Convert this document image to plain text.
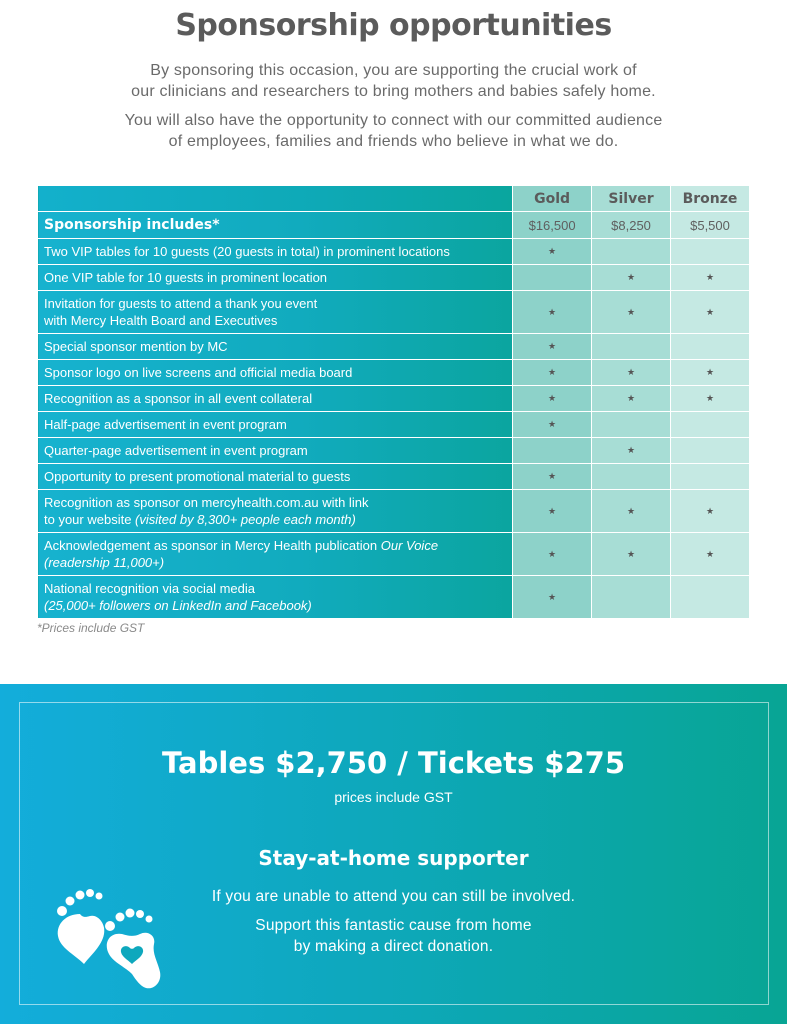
Sponsorship opportunities

By sponsoring this occasion, you are supporting the crucial work of

our clinicians and researchers to bring mothers and babies safely home.

You will also have the opportunity to connect with our committed audience

of employees, families and friends who believe in what we do.

	Gold	Silver	Bronze
Sponsorship includes*	$16,500	$8,250	$5,500
Two VIP tables for 10 guests (20 guests in total) in prominent locations	★		
One VIP table for 10 guests in prominent location		★	★
Invitation for guests to attend a thank you event
with Mercy Health Board and Executives	★	★	★
Special sponsor mention by MC	★		
Sponsor logo on live screens and official media board	★	★	★
Recognition as a sponsor in all event collateral	★	★	★
Half-page advertisement in event program	★		
Quarter-page advertisement in event program		★	
Opportunity to present promotional material to guests	★		
Recognition as sponsor on mercyhealth.com.au with link
to your website (visited by 8,300+ people each month)	★	★	★
Acknowledgement as sponsor in Mercy Health publication Our Voice
(readership 11,000+)	★	★	★
National recognition via social media
(25,000+ followers on LinkedIn and Facebook)	★		
*Prices include GST
Tables $2,750 / Tickets $275
prices include GST
Stay-at-home supporter
If you are unable to attend you can still be involved.
Support this fantastic cause from home
by making a direct donation.
